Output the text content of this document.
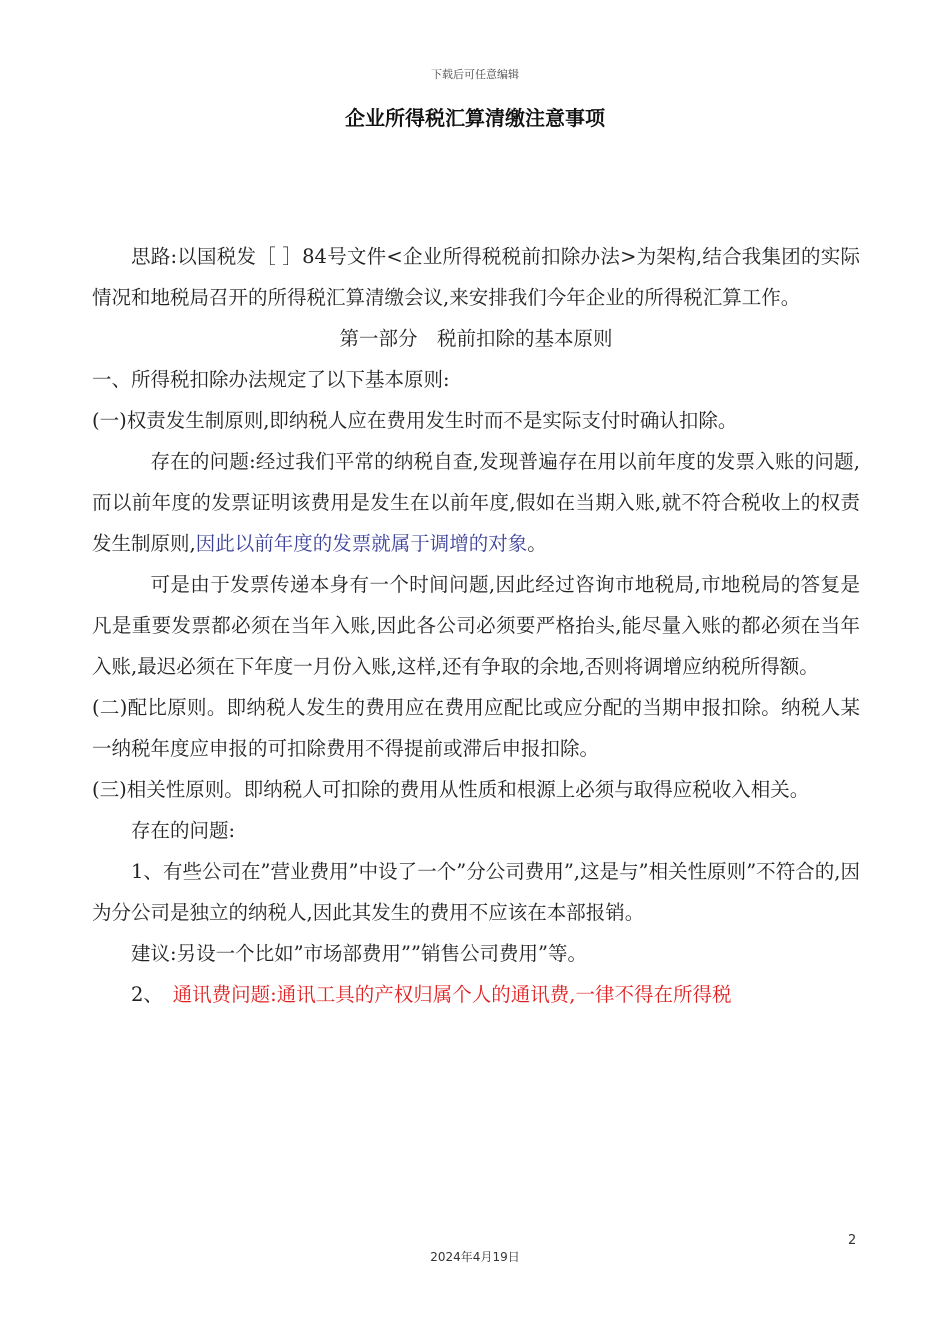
下载后可任意编辑
企业所得税汇算清缴注意事项

思路:以国税发［ ］84号文件<企业所得税税前扣除办法>为架构,结合我集团的实际情况和地税局召开的所得税汇算清缴会议,来安排我们今年企业的所得税汇算工作。

第一部分　税前扣除的基本原则

一、所得税扣除办法规定了以下基本原则:

(一)权责发生制原则,即纳税人应在费用发生时而不是实际支付时确认扣除。

存在的问题:经过我们平常的纳税自查,发现普遍存在用以前年度的发票入账的问题,而以前年度的发票证明该费用是发生在以前年度,假如在当期入账,就不符合税收上的权责发生制原则,因此以前年度的发票就属于调增的对象。

可是由于发票传递本身有一个时间问题,因此经过咨询市地税局,市地税局的答复是凡是重要发票都必须在当年入账,因此各公司必须要严格抬头,能尽量入账的都必须在当年入账,最迟必须在下年度一月份入账,这样,还有争取的余地,否则将调增应纳税所得额。

(二)配比原则。即纳税人发生的费用应在费用应配比或应分配的当期申报扣除。纳税人某一纳税年度应申报的可扣除费用不得提前或滞后申报扣除。

(三)相关性原则。即纳税人可扣除的费用从性质和根源上必须与取得应税收入相关。

存在的问题:

1、有些公司在”营业费用”中设了一个”分公司费用”,这是与”相关性原则”不符合的,因为分公司是独立的纳税人,因此其发生的费用不应该在本部报销。

建议:另设一个比如”市场部费用””销售公司费用”等。

2、　通讯费问题:通讯工具的产权归属个人的通讯费,一律不得在所得税

2
2024年4月19日
